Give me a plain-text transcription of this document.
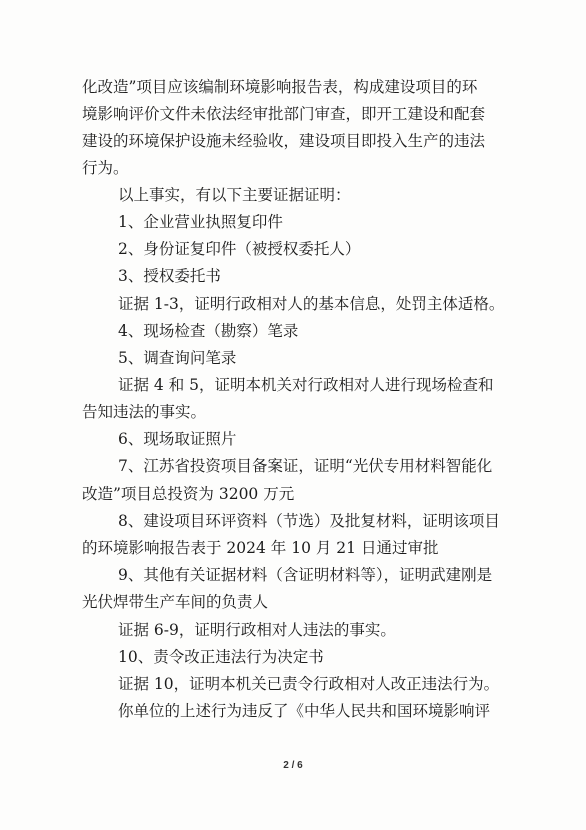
化改造”项目应该编制环境影响报告表，构成建设项目的环
境影响评价文件未依法经审批部门审查，即开工建设和配套
建设的环境保护设施未经验收，建设项目即投入生产的违法
行为。
以上事实，有以下主要证据证明：
1、企业营业执照复印件
2、身份证复印件（被授权委托人）
3、授权委托书
证据 1-3，证明行政相对人的基本信息，处罚主体适格。
4、现场检查（勘察）笔录
5、调查询问笔录
证据 4 和 5，证明本机关对行政相对人进行现场检查和
告知违法的事实。
6、现场取证照片
7、江苏省投资项目备案证，证明“光伏专用材料智能化
改造”项目总投资为 3200 万元
8、建设项目环评资料（节选）及批复材料，证明该项目
的环境影响报告表于 2024 年 10 月 21 日通过审批
9、其他有关证据材料（含证明材料等），证明武建刚是
光伏焊带生产车间的负责人
证据 6-9，证明行政相对人违法的事实。
10、责令改正违法行为决定书
证据 10，证明本机关已责令行政相对人改正违法行为。
你单位的上述行为违反了《中华人民共和国环境影响评
2 / 6
